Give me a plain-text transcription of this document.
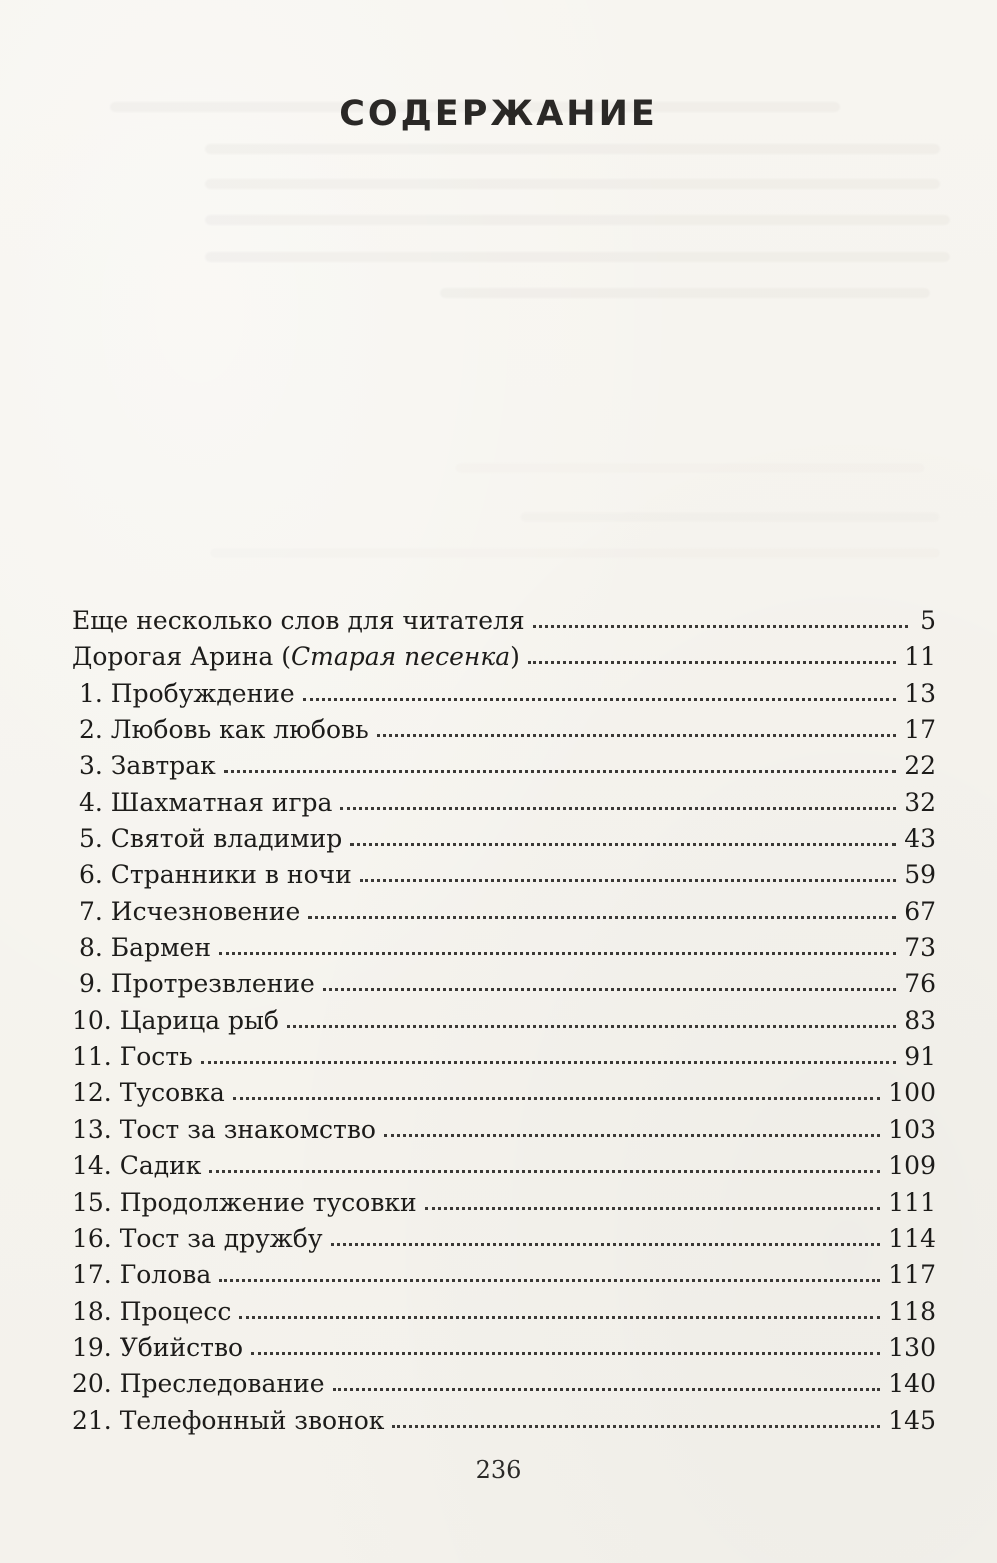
СОДЕРЖАНИЕ
Еще несколько слов для читателя	5
Дорогая Арина (Старая песенка)	11
1. Пробуждение	13
2. Любовь как любовь	17
3. Завтрак	22
4. Шахматная игра	32
5. Святой владимир	43
6. Странники в ночи	59
7. Исчезновение	67
8. Бармен	73
9. Протрезвление	76
10. Царица рыб	83
11. Гость	91
12. Тусовка	100
13. Тост за знакомство	103
14. Садик	109
15. Продолжение тусовки	111
16. Тост за дружбу	114
17. Голова	117
18. Процесс	118
19. Убийство	130
20. Преследование	140
21. Телефонный звонок	145
236
